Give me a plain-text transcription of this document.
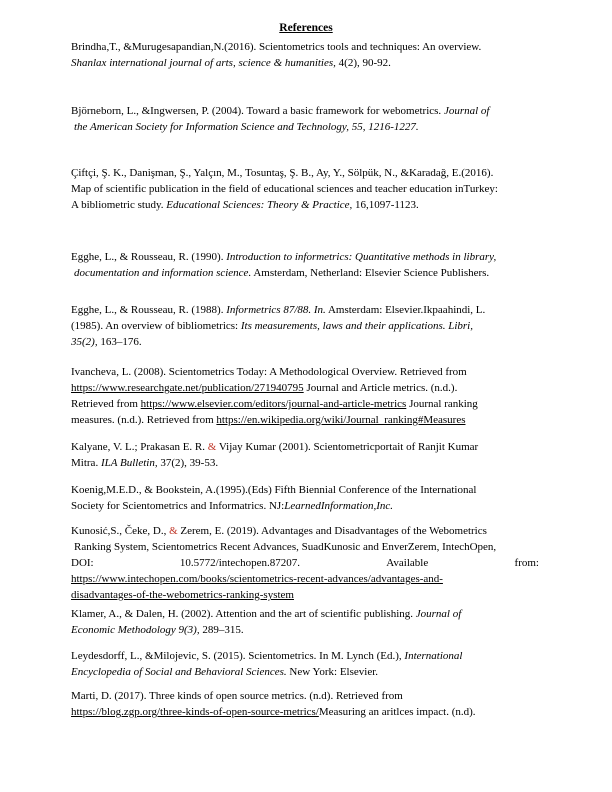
References
Brindha,T., &Murugesapandian,N.(2016). Scientometrics tools and techniques: An overview.
Shanlax international journal of arts, science & humanities, 4(2), 90-92.
Björneborn, L., &Ingwersen, P. (2004). Toward a basic framework for webometrics. Journal of
the American Society for Information Science and Technology, 55, 1216-1227.
Çiftçi, Ş. K., Danişman, Ş., Yalçın, M., Tosuntaş, Ş. B., Ay, Y., Sölpük, N., &Karadağ, E.(2016).
Map of scientific publication in the field of educational sciences and teacher education inTurkey:
A bibliometric study. Educational Sciences: Theory & Practice, 16,1097-1123.
Egghe, L., & Rousseau, R. (1990). Introduction to informetrics: Quantitative methods in library,
documentation and information science. Amsterdam, Netherland: Elsevier Science Publishers.
Egghe, L., & Rousseau, R. (1988). Informetrics 87/88. In. Amsterdam: Elsevier.Ikpaahindi, L.
(1985). An overview of bibliometrics: Its measurements, laws and their applications. Libri,
35(2), 163–176.
Ivancheva, L. (2008). Scientometrics Today: A Methodological Overview. Retrieved from
https://www.researchgate.net/publication/271940795 Journal and Article metrics. (n.d.).
Retrieved from https://www.elsevier.com/editors/journal-and-article-metrics Journal ranking
measures. (n.d.). Retrieved from https://en.wikipedia.org/wiki/Journal_ranking#Measures
Kalyane, V. L.; Prakasan E. R. & Vijay Kumar (2001). Scientometricportait of Ranjit Kumar
Mitra. ILA Bulletin, 37(2), 39-53.
Koenig,M.E.D., & Bookstein, A.(1995).(Eds) Fifth Biennial Conference of the International
Society for Scientometrics and Informatrics. NJ:LearnedInformation,Inc.
Kunosić,S., Čeke, D., & Zerem, E. (2019). Advantages and Disadvantages of the Webometrics
Ranking System, Scientometrics Recent Advances, SuadKunosic and EnverZerem, IntechOpen,
DOI:	10.5772/intechopen.87207.	Available	from:
https://www.intechopen.com/books/scientometrics-recent-advances/advantages-and-
disadvantages-of-the-webometrics-ranking-system
Klamer, A., & Dalen, H. (2002). Attention and the art of scientific publishing. Journal of
Economic Methodology 9(3), 289–315.
Leydesdorff, L., &Milojevic, S. (2015). Scientometrics. In M. Lynch (Ed.), International
Encyclopedia of Social and Behavioral Sciences. New York: Elsevier.
Marti, D. (2017). Three kinds of open source metrics. (n.d). Retrieved from
https://blog.zgp.org/three-kinds-of-open-source-metrics/Measuring an aritlces impact. (n.d).
